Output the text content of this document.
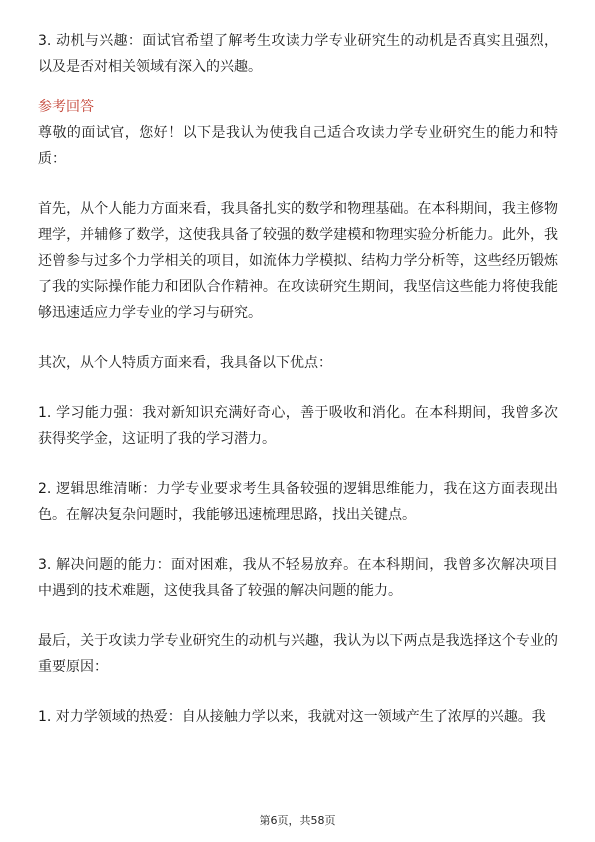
3. 动机与兴趣：面试官希望了解考生攻读力学专业研究生的动机是否真实且强烈，以及是否对相关领域有深入的兴趣。

参考回答

尊敬的面试官，您好！以下是我认为使我自己适合攻读力学专业研究生的能力和特质：

首先，从个人能力方面来看，我具备扎实的数学和物理基础。在本科期间，我主修物理学，并辅修了数学，这使我具备了较强的数学建模和物理实验分析能力。此外，我还曾参与过多个力学相关的项目，如流体力学模拟、结构力学分析等，这些经历锻炼了我的实际操作能力和团队合作精神。在攻读研究生期间，我坚信这些能力将使我能够迅速适应力学专业的学习与研究。

其次，从个人特质方面来看，我具备以下优点：

1. 学习能力强：我对新知识充满好奇心，善于吸收和消化。在本科期间，我曾多次获得奖学金，这证明了我的学习潜力。

2. 逻辑思维清晰：力学专业要求考生具备较强的逻辑思维能力，我在这方面表现出色。在解决复杂问题时，我能够迅速梳理思路，找出关键点。

3. 解决问题的能力：面对困难，我从不轻易放弃。在本科期间，我曾多次解决项目中遇到的技术难题，这使我具备了较强的解决问题的能力。

最后，关于攻读力学专业研究生的动机与兴趣，我认为以下两点是我选择这个专业的重要原因：

1. 对力学领域的热爱：自从接触力学以来，我就对这一领域产生了浓厚的兴趣。我

第6页，共58页
